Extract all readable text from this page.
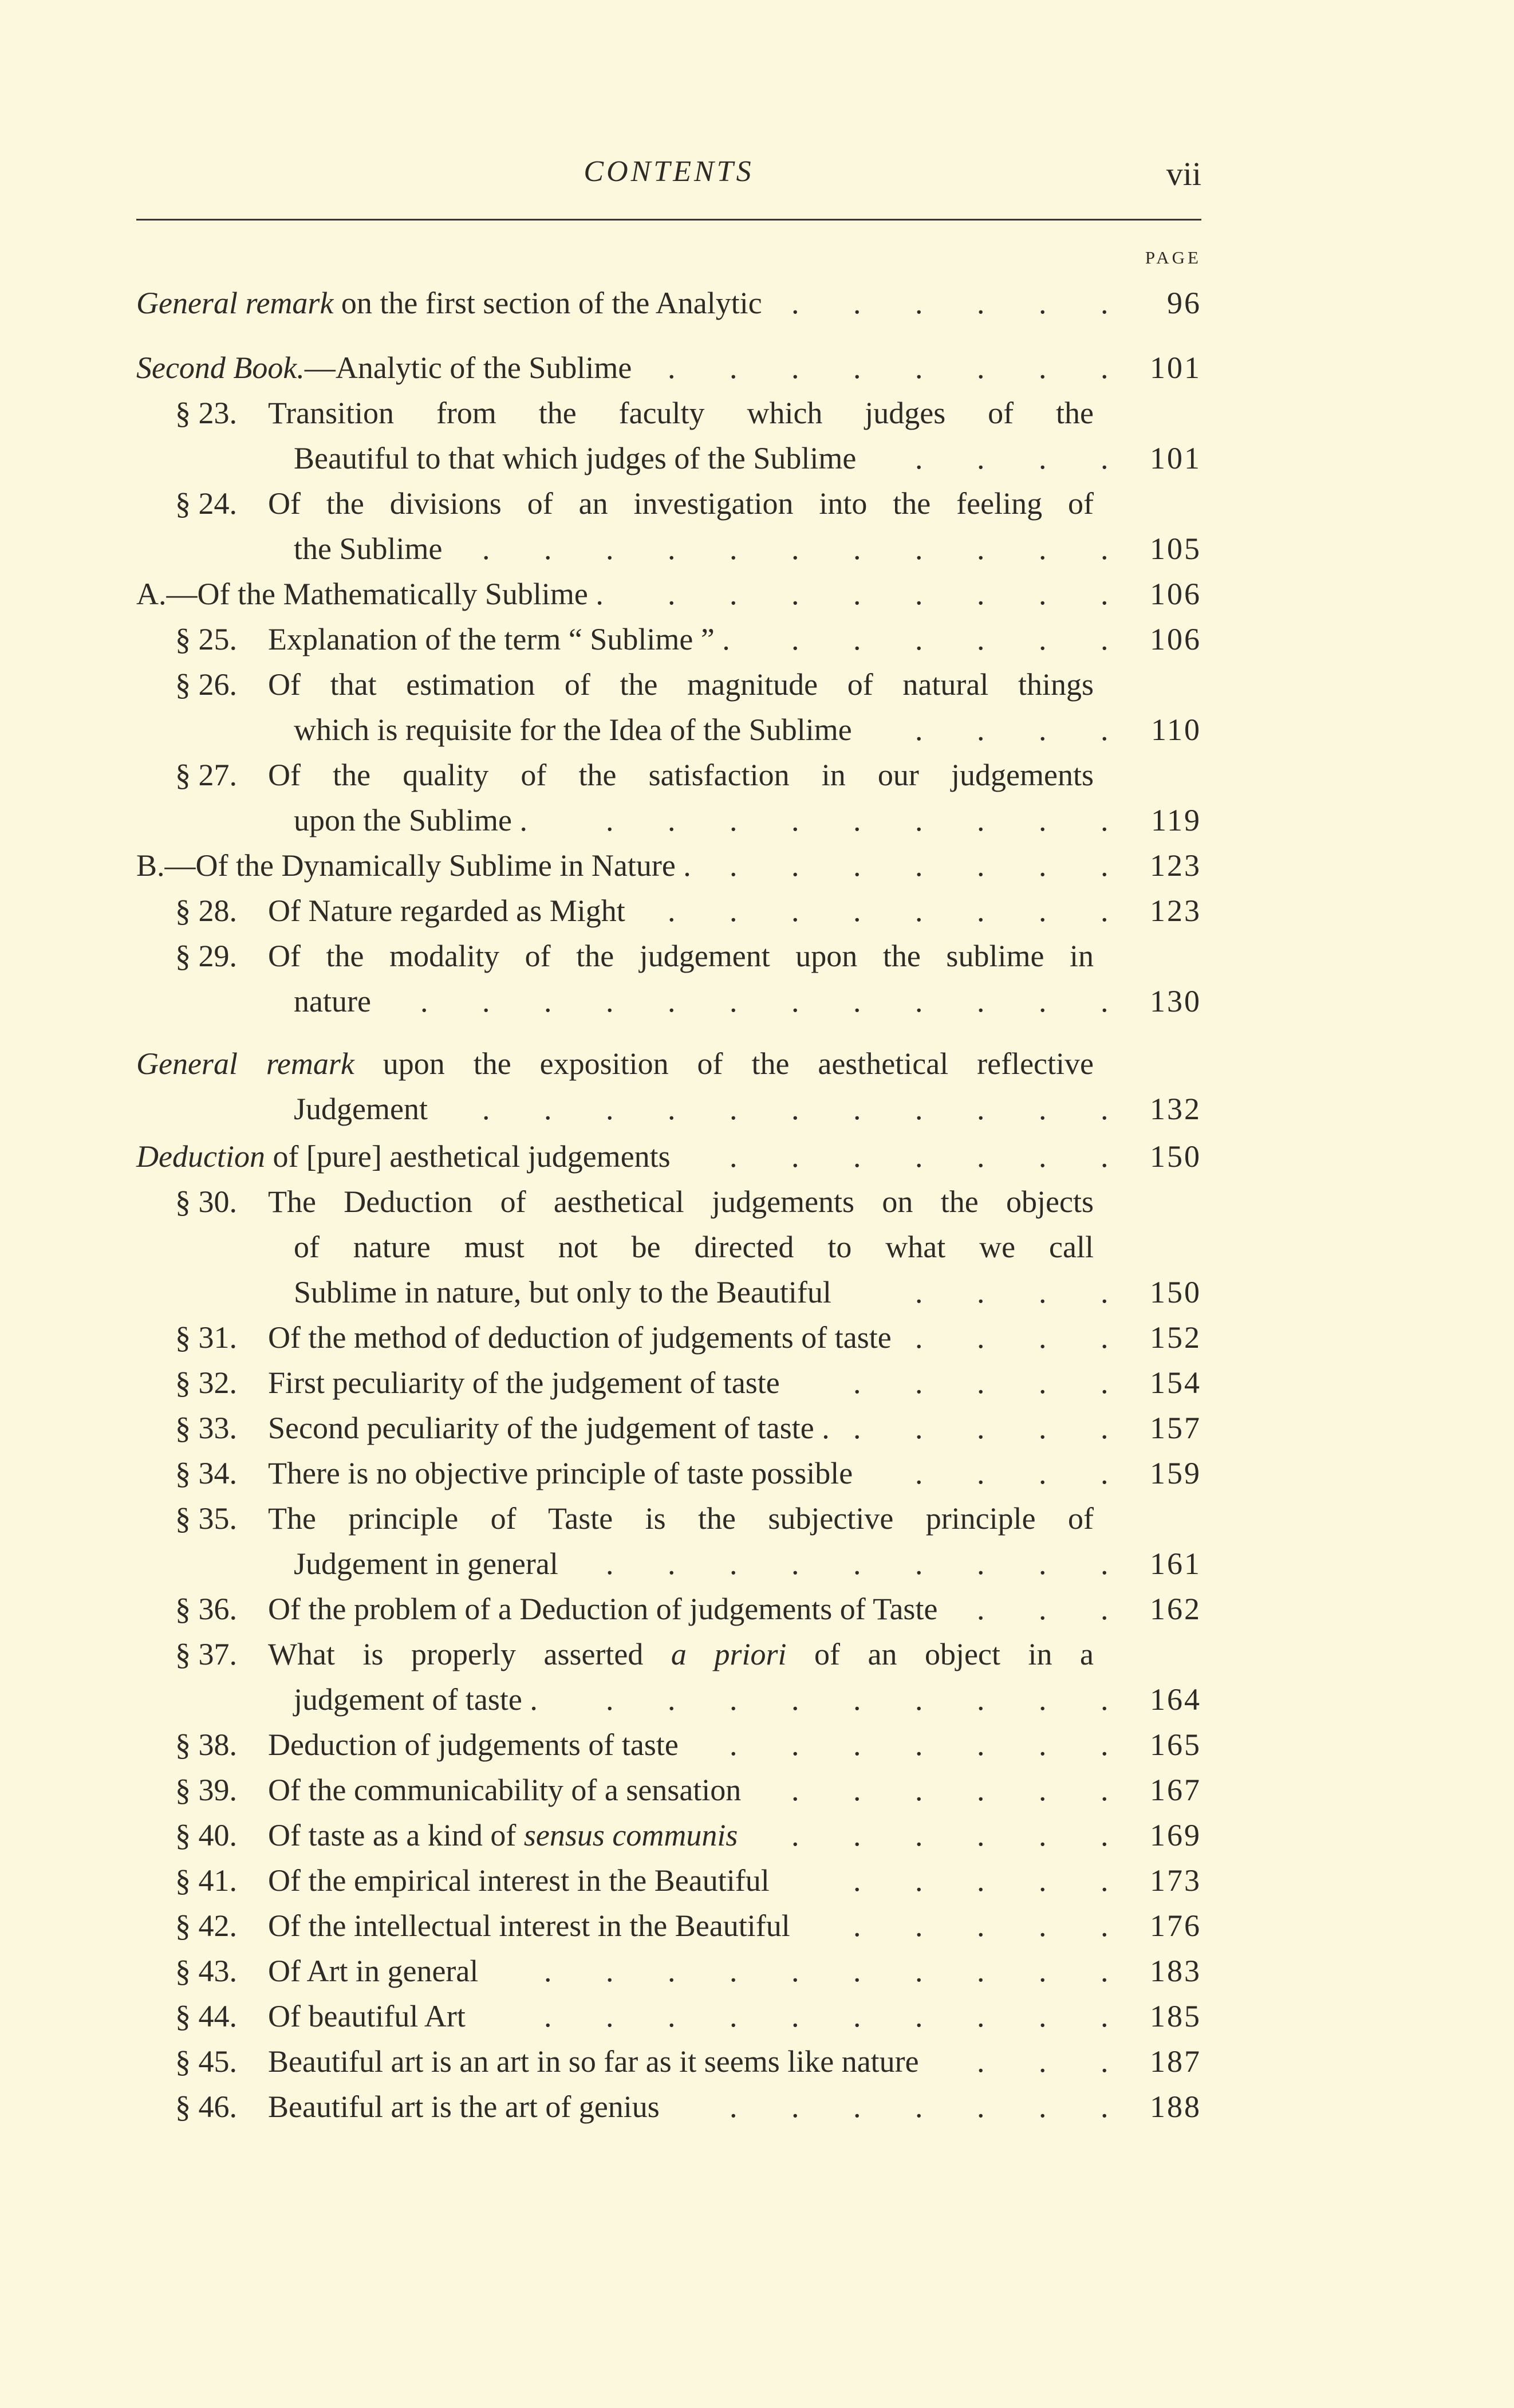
CONTENTS	vii
PAGE
General remark on the first section of the Analytic	96
.
.
.
.
.
.
Second Book.—Analytic of the Sublime	101
.
.
.
.
.
.
.
.
§ 23. Transition from the faculty which judges of the
Beautiful to that which judges of the Sublime	101
.
.
.
.
§ 24. Of the divisions of an investigation into the feeling of
the Sublime	105
.
.
.
.
.
.
.
.
.
.
.
A.—Of the Mathematically Sublime .	106
.
.
.
.
.
.
.
.
§ 25. Explanation of the term “ Sublime ” .	106
.
.
.
.
.
.
§ 26. Of that estimation of the magnitude of natural things
which is requisite for the Idea of the Sublime	110
.
.
.
.
§ 27. Of the quality of the satisfaction in our judgements
upon the Sublime .	119
.
.
.
.
.
.
.
.
.
B.—Of the Dynamically Sublime in Nature .	123
.
.
.
.
.
.
.
§ 28. Of Nature regarded as Might	123
.
.
.
.
.
.
.
.
§ 29. Of the modality of the judgement upon the sublime in
nature	130
.
.
.
.
.
.
.
.
.
.
.
.
General remark upon the exposition of the aesthetical reflective
Judgement	132
.
.
.
.
.
.
.
.
.
.
.
Deduction of [pure] aesthetical judgements	150
.
.
.
.
.
.
.
§ 30. The Deduction of aesthetical judgements on the objects
of nature must not be directed to what we call
Sublime in nature, but only to the Beautiful	150
.
.
.
.
§ 31. Of the method of deduction of judgements of taste	152
.
.
.
.
§ 32. First peculiarity of the judgement of taste	154
.
.
.
.
.
§ 33. Second peculiarity of the judgement of taste .	157
.
.
.
.
.
§ 34. There is no objective principle of taste possible	159
.
.
.
.
§ 35. The principle of Taste is the subjective principle of
Judgement in general	161
.
.
.
.
.
.
.
.
.
§ 36. Of the problem of a Deduction of judgements of Taste	162
.
.
.
§ 37. What is properly asserted a priori of an object in a
judgement of taste .	164
.
.
.
.
.
.
.
.
.
§ 38. Deduction of judgements of taste	165
.
.
.
.
.
.
.
§ 39. Of the communicability of a sensation	167
.
.
.
.
.
.
§ 40. Of taste as a kind of sensus communis	169
.
.
.
.
.
.
§ 41. Of the empirical interest in the Beautiful	173
.
.
.
.
.
§ 42. Of the intellectual interest in the Beautiful	176
.
.
.
.
.
§ 43. Of Art in general	183
.
.
.
.
.
.
.
.
.
.
§ 44. Of beautiful Art	185
.
.
.
.
.
.
.
.
.
.
§ 45. Beautiful art is an art in so far as it seems like nature	187
.
.
.
§ 46. Beautiful art is the art of genius	188
.
.
.
.
.
.
.
